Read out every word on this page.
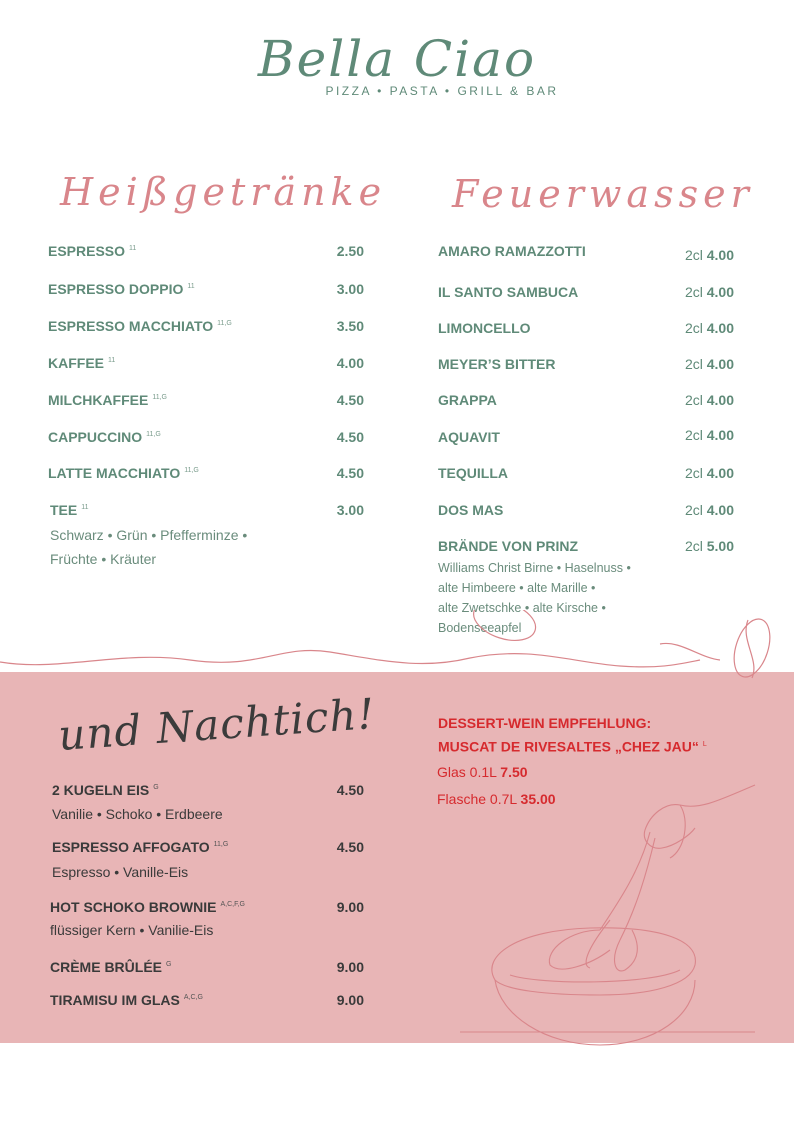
Bella Ciao
PIZZA • PASTA • GRILL & BAR
Heißgetränke Feuerwasser
ESPRESSO $^{11}$	2.50
ESPRESSO DOPPIO $^{11}$	3.00
ESPRESSO MACCHIATO $^{11,G}$	3.50
KAFFEE $^{11}$	4.00
MILCHKAFFEE $^{11,G}$	4.50
CAPPUCCINO $^{11,G}$	4.50
LATTE MACCHIATO $^{11,G}$	4.50
TEE $^{11}$	3.00
Schwarz • Grün • Pfefferminze •
Früchte • Kräuter
AMARO RAMAZZOTTI	2cl 4.00
IL SANTO SAMBUCA	2cl 4.00
LIMONCELLO	2cl 4.00
MEYER’S BITTER	2cl 4.00
GRAPPA	2cl 4.00
AQUAVIT	2cl 4.00
TEQUILLA	2cl 4.00
DOS MAS	2cl 4.00
BRÄNDE VON PRINZ	2cl 5.00
Williams Christ Birne • Haselnuss •
alte Himbeere • alte Marille •
alte Zwetschke • alte Kirsche •
Bodenseeapfel
und Nachtich!
2 KUGELN EIS $^G$	4.50
Vanilie • Schoko • Erdbeere
ESPRESSO AFFOGATO $^{11,G}$	4.50
Espresso • Vanille-Eis
HOT SCHOKO BROWNIE $^{A,C,F,G}$	9.00
flüssiger Kern • Vanilie-Eis
CRÈME BRÛLÉE $^G$	9.00
TIRAMISU IM GLAS $^{A,C,G}$	9.00
DESSERT-WEIN EMPFEHLUNG:
MUSCAT DE RIVESALTES „CHEZ JAU“ $^L$
Glas 0.1L 7.50
Flasche 0.7L 35.00
